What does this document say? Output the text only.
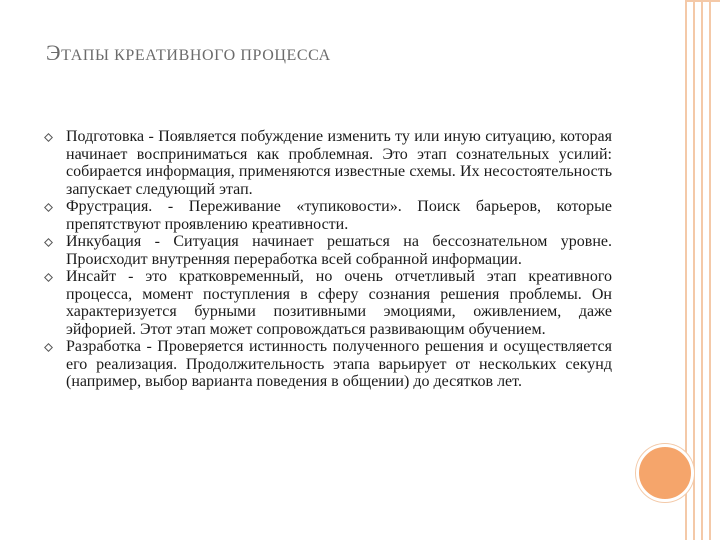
ЭТАПЫ КРЕАТИВНОГО ПРОЦЕССА
Подготовка - Появляется побуждение изменить ту или иную ситуацию, которая начинает восприниматься как проблемная. Это этап сознательных усилий: собирается информация, применяются известные схемы. Их несостоятельность запускает следующий этап.
Фрустрация. - Переживание «тупиковости». Поиск барьеров, которые препятствуют проявлению креативности.
Инкубация - Ситуация начинает решаться на бессознательном уровне. Происходит внутренняя переработка всей собранной информации.
Инсайт - это кратковременный, но очень отчетливый этап креативного процесса, момент поступления в сферу сознания решения проблемы. Он характеризуется бурными позитивными эмоциями, оживлением, даже эйфорией. Этот этап может сопровождаться развивающим обучением.
Разработка - Проверяется истинность полученного решения и осуществляется его реализация. Продолжительность этапа варьирует от нескольких секунд (например, выбор варианта поведения в общении) до десятков лет.
